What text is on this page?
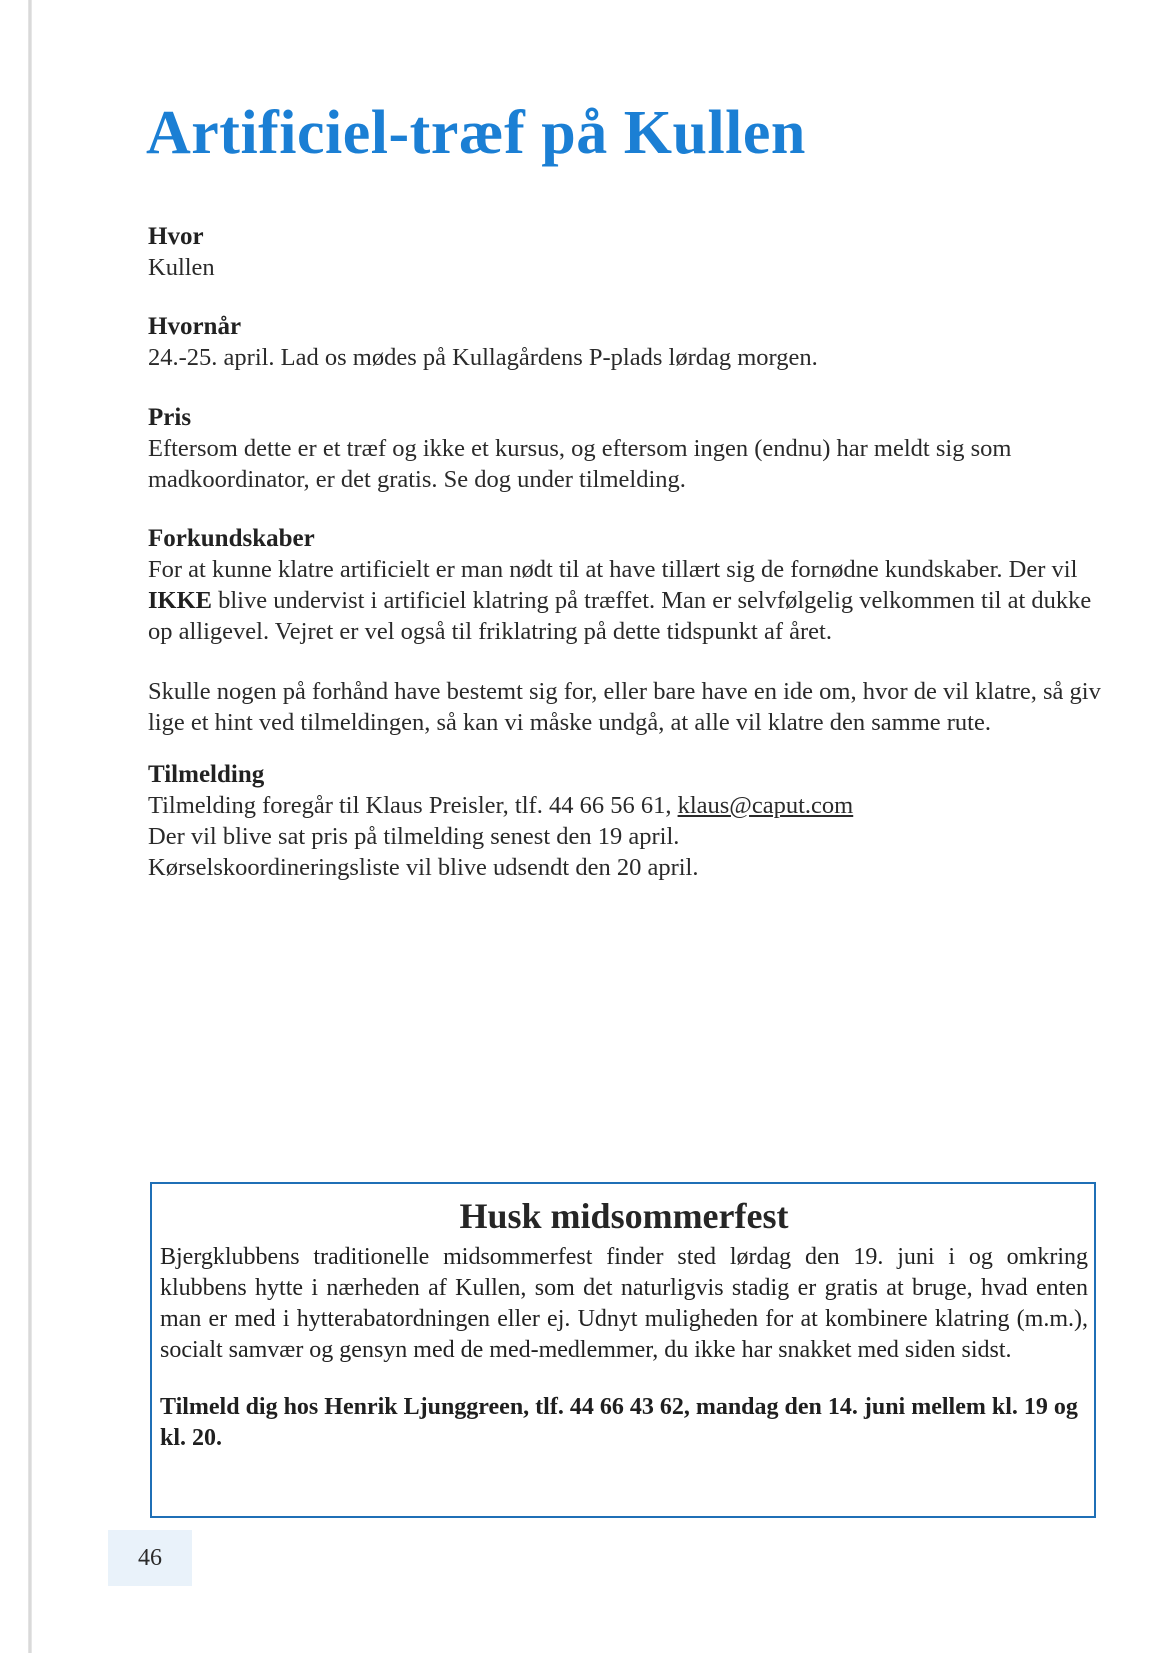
Artificiel-træf på Kullen
Hvor
Kullen
Hvornår
24.-25. april. Lad os mødes på Kullagårdens P-plads lørdag morgen.
Pris
Eftersom dette er et træf og ikke et kursus, og eftersom ingen (endnu) har meldt sig som madkoordinator, er det gratis. Se dog under tilmelding.
Forkundskaber
For at kunne klatre artificielt er man nødt til at have tillært sig de fornødne kundskaber. Der vil IKKE blive undervist i artificiel klatring på træffet. Man er selvfølgelig velkommen til at dukke op alligevel. Vejret er vel også til friklatring på dette tidspunkt af året.
Skulle nogen på forhånd have bestemt sig for, eller bare have en ide om, hvor de vil klatre, så giv lige et hint ved tilmeldingen, så kan vi måske undgå, at alle vil klatre den samme rute.
Tilmelding
Tilmelding foregår til Klaus Preisler, tlf. 44 66 56 61, klaus@caput.com
Der vil blive sat pris på tilmelding senest den 19 april.
Kørselskoordineringsliste vil blive udsendt den 20 april.
Husk midsommerfest

Bjergklubbens traditionelle midsommerfest finder sted lørdag den 19. juni i og omkring klubbens hytte i nærheden af Kullen, som det naturligvis stadig er gratis at bruge, hvad enten man er med i hytterabatordningen eller ej. Udnyt muligheden for at kombinere klatring (m.m.), socialt samvær og gensyn med de med-medlemmer, du ikke har snakket med siden sidst.

Tilmeld dig hos Henrik Ljunggreen, tlf. 44 66 43 62, mandag den 14. juni mellem kl. 19 og kl. 20.

46
